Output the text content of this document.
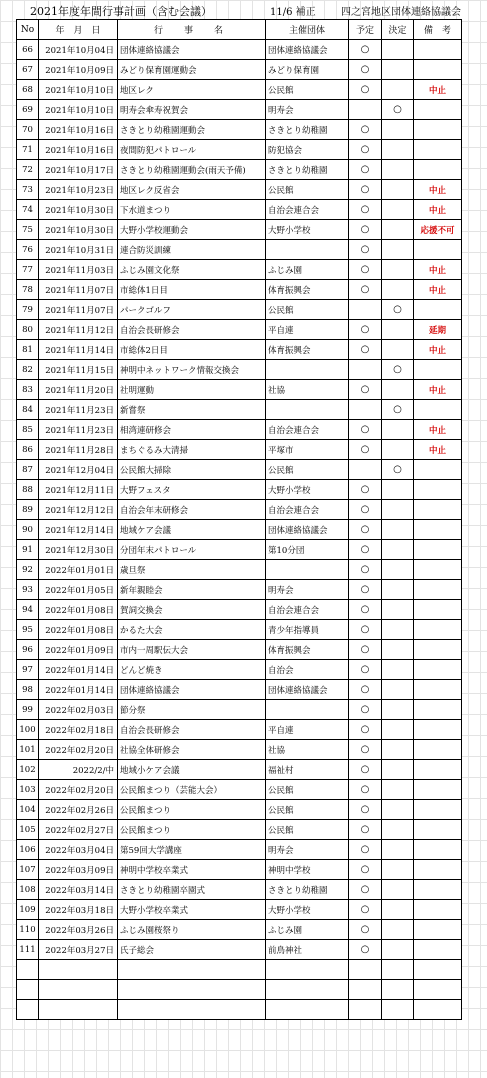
2021年度年間行事計画（含む会議）	11/6 補正	四之宮地区団体連絡協議会
No	年　月　日	行　事　名	主催団体	予定	決定	備　考
66	2021年10月04日	団体連絡協議会	団体連絡協議会	○		
67	2021年10月09日	みどり保育園運動会	みどり保育園	○		
68	2021年10月10日	地区レク	公民館	○		中止
69	2021年10月10日	明寿会傘寿祝賀会	明寿会		○	
70	2021年10月16日	さきとり幼稚園運動会	さきとり幼稚園	○		
71	2021年10月16日	夜間防犯パトロール	防犯協会	○		
72	2021年10月17日	さきとり幼稚園運動会(雨天予備)	さきとり幼稚園	○		
73	2021年10月23日	地区レク反省会	公民館	○		中止
74	2021年10月30日	下水道まつり	自治会連合会	○		中止
75	2021年10月30日	大野小学校運動会	大野小学校	○		応援不可
76	2021年10月31日	連合防災訓練		○		
77	2021年11月03日	ふじみ園文化祭	ふじみ園	○		中止
78	2021年11月07日	市総体1日目	体育振興会	○		中止
79	2021年11月07日	パークゴルフ	公民館		○	
80	2021年11月12日	自治会長研修会	平自連	○		延期
81	2021年11月14日	市総体2日目	体育振興会	○		中止
82	2021年11月15日	神明中ネットワーク情報交換会			○	
83	2021年11月20日	社明運動	社協	○		中止
84	2021年11月23日	新嘗祭			○	
85	2021年11月23日	相湾連研修会	自治会連合会	○		中止
86	2021年11月28日	まちぐるみ大清掃	平塚市	○		中止
87	2021年12月04日	公民館大掃除	公民館		○	
88	2021年12月11日	大野フェスタ	大野小学校	○		
89	2021年12月12日	自治会年末研修会	自治会連合会	○		
90	2021年12月14日	地域ケア会議	団体連絡協議会	○		
91	2021年12月30日	分団年末パトロール	第10分団	○		
92	2022年01月01日	歳旦祭		○		
93	2022年01月05日	新年親睦会	明寿会	○		
94	2022年01月08日	賀詞交換会	自治会連合会	○		
95	2022年01月08日	かるた大会	青少年指導員	○		
96	2022年01月09日	市内一周駅伝大会	体育振興会	○		
97	2022年01月14日	どんど焼き	自治会	○		
98	2022年01月14日	団体連絡協議会	団体連絡協議会	○		
99	2022年02月03日	節分祭		○		
100	2022年02月18日	自治会長研修会	平自連	○		
101	2022年02月20日	社協全体研修会	社協	○		
102	2022/2/中	地域小ケア会議	福祉村	○		
103	2022年02月20日	公民館まつり（芸能大会）	公民館	○		
104	2022年02月26日	公民館まつり	公民館	○		
105	2022年02月27日	公民館まつり	公民館	○		
106	2022年03月04日	第59回大学講座	明寿会	○		
107	2022年03月09日	神明中学校卒業式	神明中学校	○		
108	2022年03月14日	さきとり幼稚園卒園式	さきとり幼稚園	○		
109	2022年03月18日	大野小学校卒業式	大野小学校	○		
110	2022年03月26日	ふじみ園桜祭り	ふじみ園	○		
111	2022年03月27日	氏子総会	前鳥神社	○		
